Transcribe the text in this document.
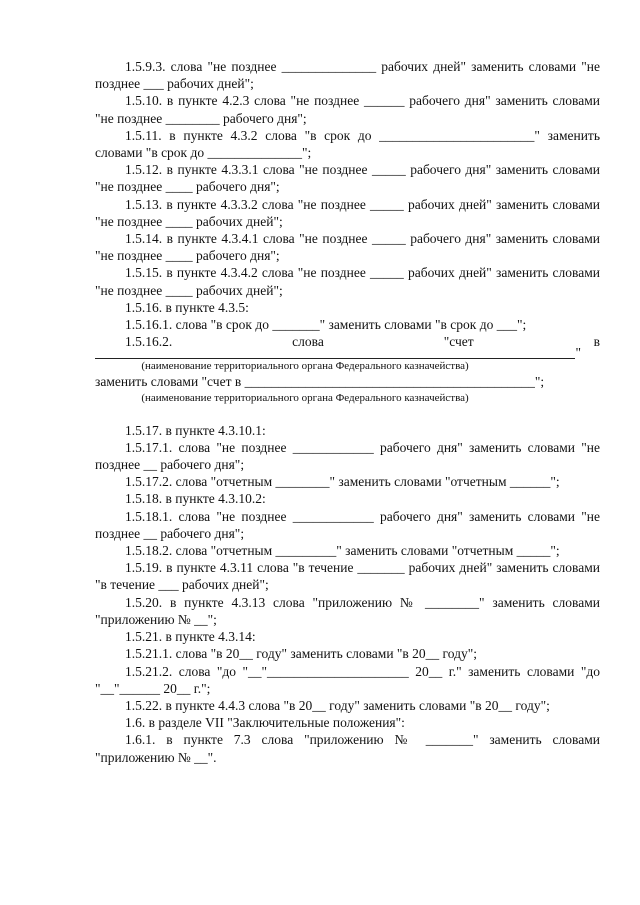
1.5.9.3. слова "не позднее ______________ рабочих дней" заменить словами "не позднее ___ рабочих дней";

1.5.10. в пункте 4.2.3 слова "не позднее ______ рабочего дня" заменить словами "не позднее ________ рабочего дня";

1.5.11. в пункте 4.3.2 слова "в срок до _______________________" заменить словами "в срок до ______________";

1.5.12. в пункте 4.3.3.1 слова "не позднее _____ рабочего дня" заменить словами "не позднее ____ рабочего дня";

1.5.13. в пункте 4.3.3.2 слова "не позднее _____ рабочих дней" заменить словами "не позднее ____ рабочих дней";

1.5.14. в пункте 4.3.4.1 слова "не позднее _____ рабочего дня" заменить словами "не позднее ____ рабочего дня";

1.5.15. в пункте 4.3.4.2 слова "не позднее _____ рабочих дней" заменить словами "не позднее ____ рабочих дней";

1.5.16. в пункте 4.3.5:

1.5.16.1. слова "в срок до _______" заменить словами "в срок до ___";

1.5.16.2.	слова	"счет	в
"

(наименование территориального органа Федерального казначейства)

заменить словами "счет в ___________________________________________";

(наименование территориального органа Федерального казначейства)

1.5.17. в пункте 4.3.10.1:

1.5.17.1. слова "не позднее ____________ рабочего дня" заменить словами "не позднее __ рабочего дня";

1.5.17.2. слова "отчетным ________" заменить словами "отчетным ______";

1.5.18. в пункте 4.3.10.2:

1.5.18.1. слова "не позднее ____________ рабочего дня" заменить словами "не позднее __ рабочего дня";

1.5.18.2. слова "отчетным _________" заменить словами "отчетным _____";

1.5.19. в пункте 4.3.11 слова "в течение _______ рабочих дней" заменить словами "в течение ___ рабочих дней";

1.5.20. в пункте 4.3.13 слова "приложению № ________" заменить словами "приложению № __";

1.5.21. в пункте 4.3.14:

1.5.21.1. слова "в 20__ году" заменить словами "в 20__ году";

1.5.21.2. слова "до "__"_____________________ 20__ г." заменить словами "до "__"______ 20__ г.";

1.5.22. в пункте 4.4.3 слова "в 20__ году" заменить словами "в 20__ году";

1.6. в разделе VII "Заключительные положения":

1.6.1. в пункте 7.3 слова "приложению № _______" заменить словами "приложению № __".
